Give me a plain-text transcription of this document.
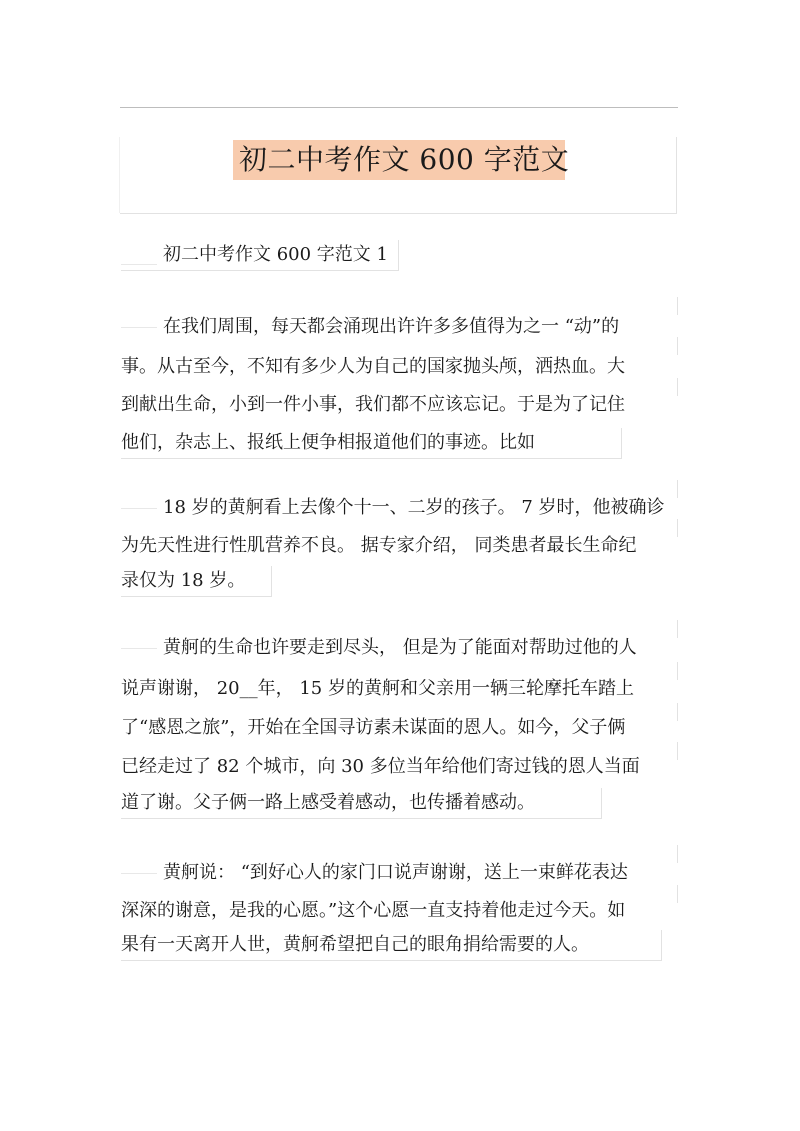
初二中考作文 600 字范文
初二中考作文 600 字范文 1
在我们周围，每天都会涌现出许许多多值得为之一 “动”的
事。从古至今，不知有多少人为自己的国家抛头颅，洒热血。大
到献出生命，小到一件小事，我们都不应该忘记。于是为了记住
他们，杂志上、报纸上便争相报道他们的事迹。比如
18 岁的黄舸看上去像个十一、二岁的孩子。 7 岁时，他被确诊
为先天性进行性肌营养不良。 据专家介绍， 同类患者最长生命纪
录仅为 18 岁。
黄舸的生命也许要走到尽头， 但是为了能面对帮助过他的人
说声谢谢， 20__年， 15 岁的黄舸和父亲用一辆三轮摩托车踏上
了“感恩之旅”，开始在全国寻访素未谋面的恩人。如今，父子俩
已经走过了 82 个城市，向 30 多位当年给他们寄过钱的恩人当面
道了谢。父子俩一路上感受着感动，也传播着感动。
黄舸说： “到好心人的家门口说声谢谢，送上一束鲜花表达
深深的谢意，是我的心愿。”这个心愿一直支持着他走过今天。如
果有一天离开人世，黄舸希望把自己的眼角捐给需要的人。
